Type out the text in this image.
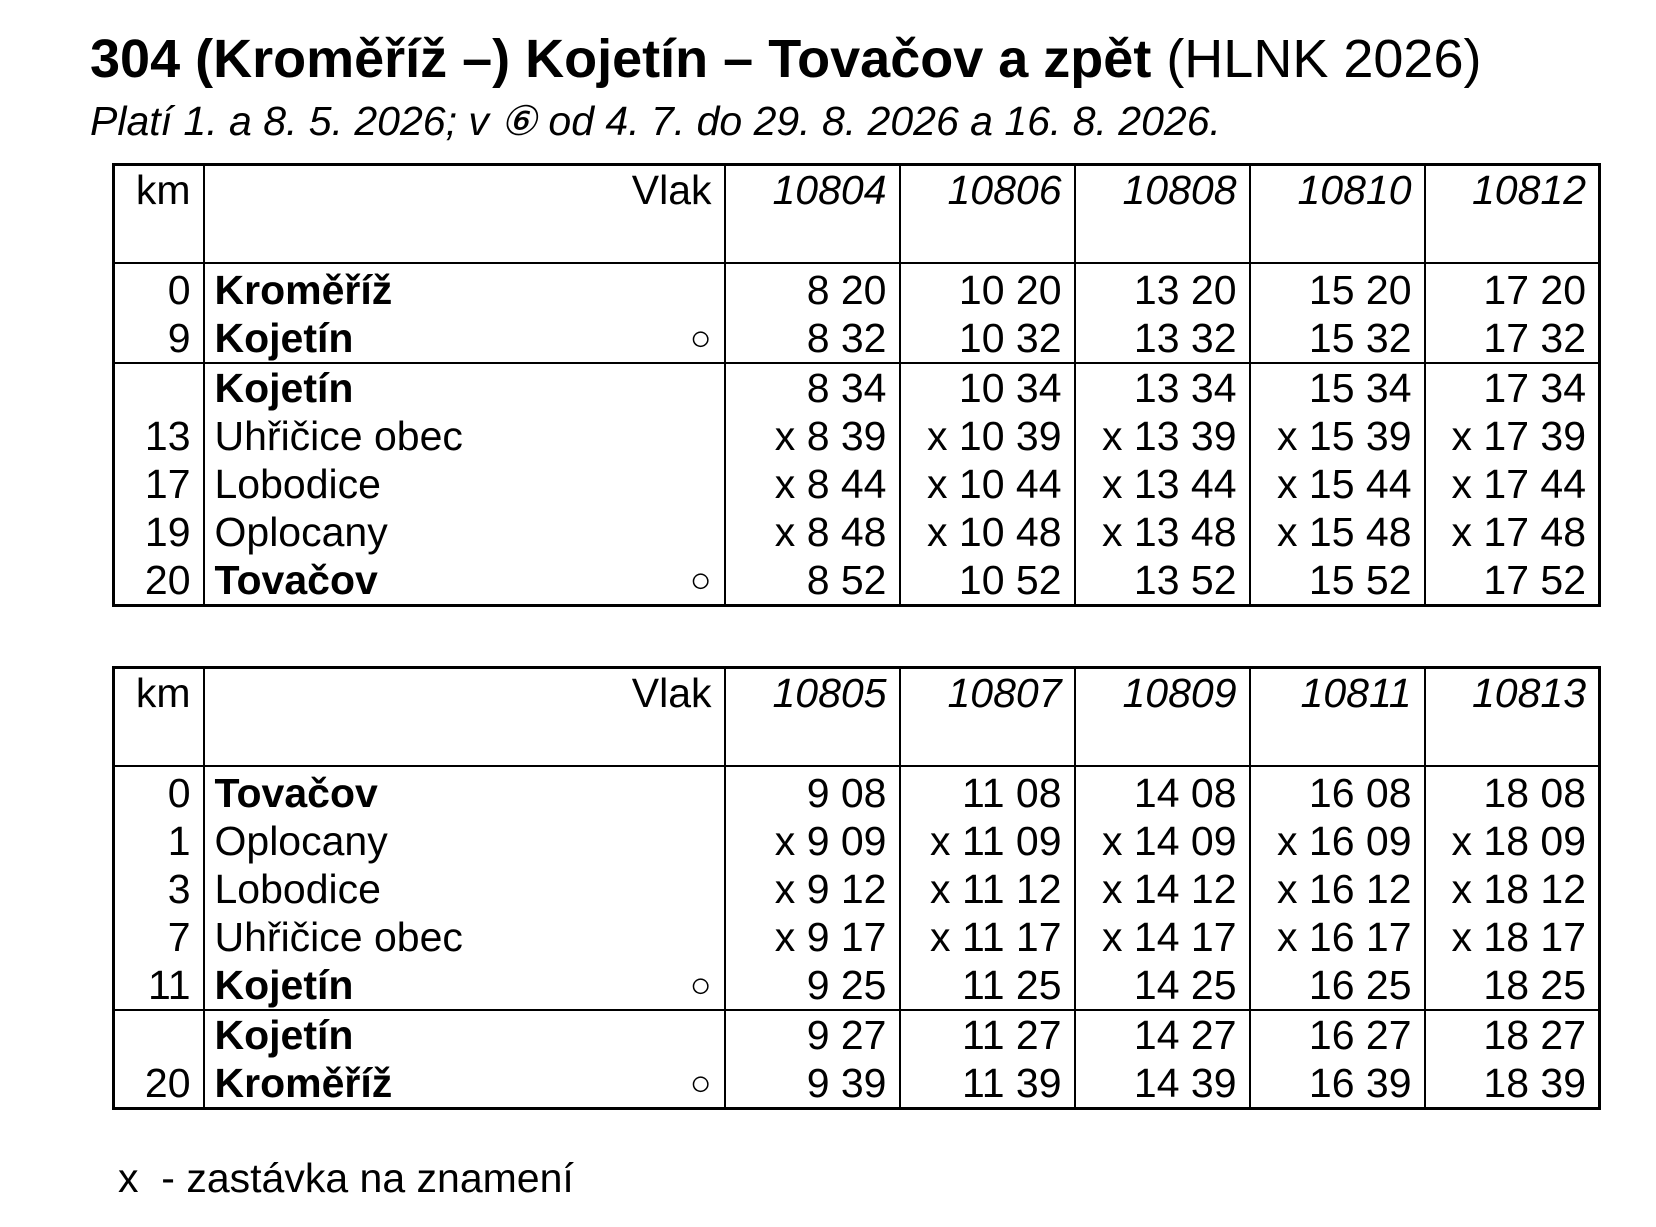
304 (Kroměříž –) Kojetín – Tovačov a zpět (HLNK 2026)

Platí 1. a 8. 5. 2026; v ⑥ od 4. 7. do 29. 8. 2026 a 16. 8. 2026.

km	Vlak	10804	10806	10808	10810	10812
0	Kroměříž	8 20	10 20	13 20	15 20	17 20
9	Kojetín ○	8 32	10 32	13 32	15 32	17 32
	Kojetín	8 34	10 34	13 34	15 34	17 34
13	Uhřičice obec	x 8 39	x 10 39	x 13 39	x 15 39	x 17 39
17	Lobodice	x 8 44	x 10 44	x 13 44	x 15 44	x 17 44
19	Oplocany	x 8 48	x 10 48	x 13 48	x 15 48	x 17 48
20	Tovačov ○	8 52	10 52	13 52	15 52	17 52
km	Vlak	10805	10807	10809	10811	10813
0	Tovačov	9 08	11 08	14 08	16 08	18 08
1	Oplocany	x 9 09	x 11 09	x 14 09	x 16 09	x 18 09
3	Lobodice	x 9 12	x 11 12	x 14 12	x 16 12	x 18 12
7	Uhřičice obec	x 9 17	x 11 17	x 14 17	x 16 17	x 18 17
11	Kojetín ○	9 25	11 25	14 25	16 25	18 25
	Kojetín	9 27	11 27	14 27	16 27	18 27
20	Kroměříž ○	9 39	11 39	14 39	16 39	18 39

x  - zastávka na znamení
